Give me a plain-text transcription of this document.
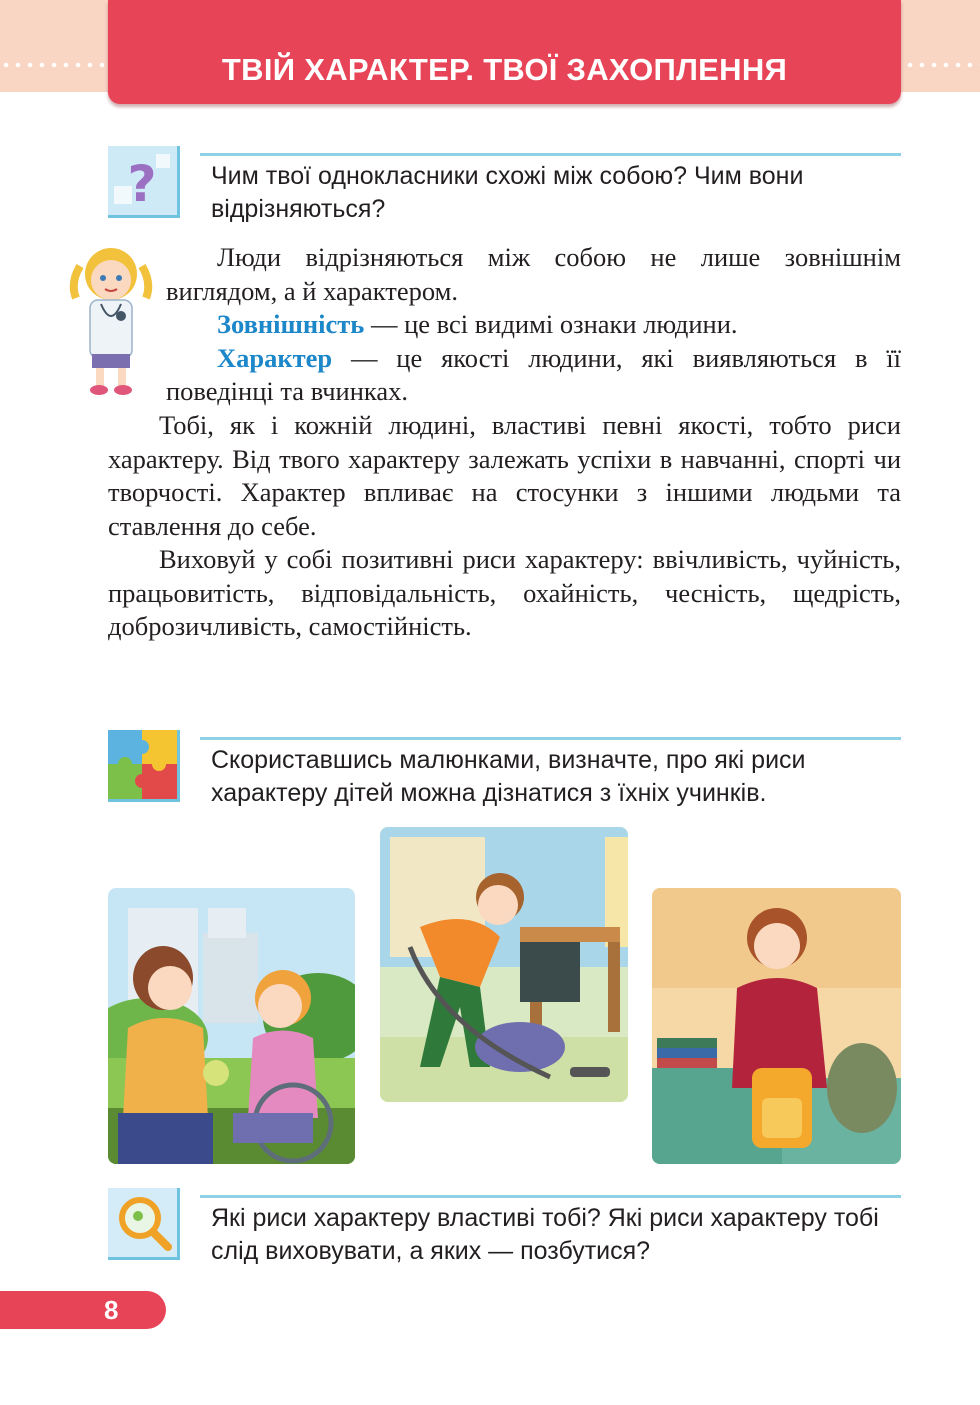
ТВІЙ ХАРАКТЕР. ТВОЇ ЗАХОПЛЕННЯ
? Чим твої однокласники схожі між собою? Чим вони відрізняються?

Люди відрізняються між собою не лише зовнішнім виглядом, а й характером.

Зовнішність — це всі видимі ознаки людини.

Характер — це якості людини, які виявляються в її поведінці та вчинках.

Тобі, як і кожній людині, властиві певні якості, тобто риси характеру. Від твого характеру залежать успіхи в навчанні, спорті чи творчості. Характер впливає на стосунки з іншими людьми та ставлення до себе.

Виховуй у собі позитивні риси характеру: ввічливість, чуйність, працьовитість, відповідальність, охайність, чесність, щедрість, доброзичливість, самостійність.

Скориставшись малюнками, визначте, про які риси характеру дітей можна дізнатися з їхніх учинків.
Які риси характеру властиві тобі? Які риси характеру тобі слід виховувати, а яких — позбутися?
8
